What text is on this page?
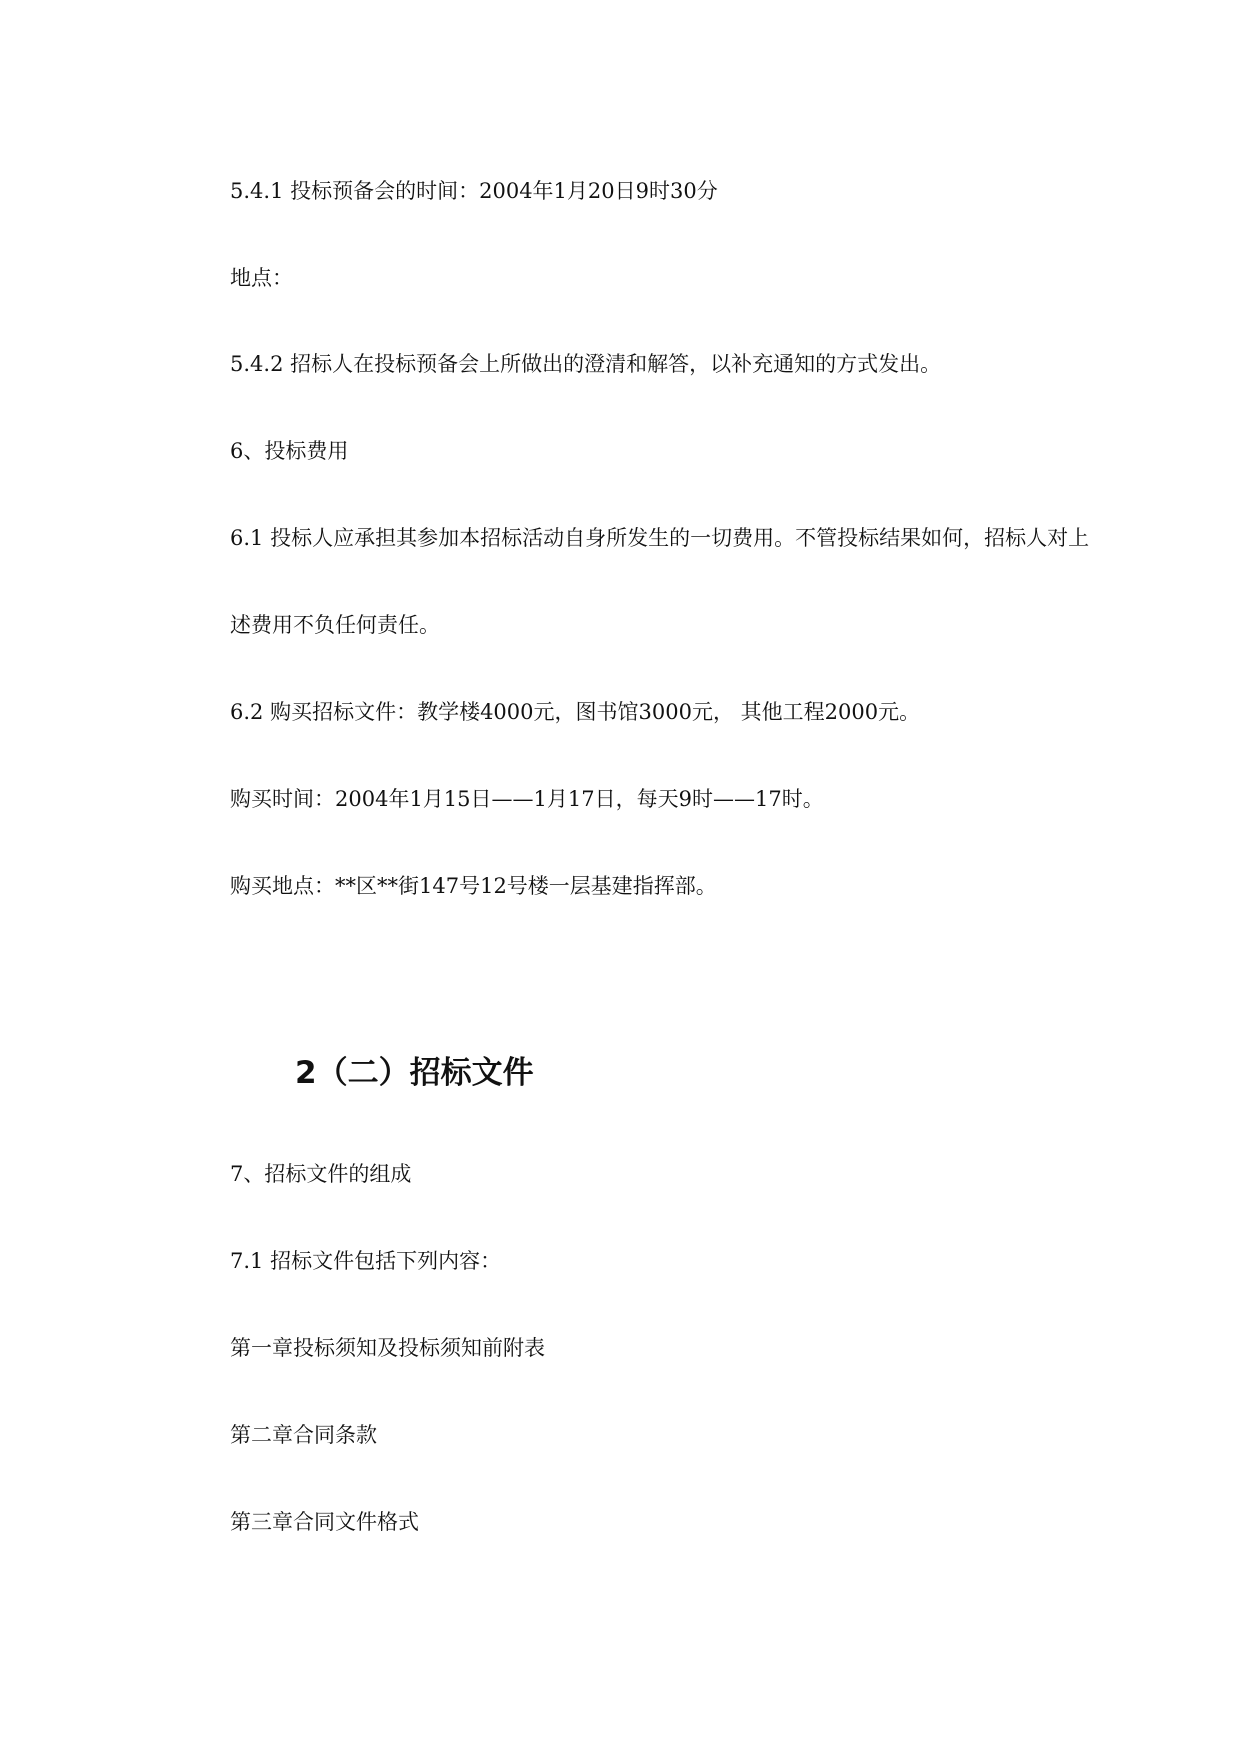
5.4.1 投标预备会的时间：2004年1月20日9时30分
地点：
5.4.2 招标人在投标预备会上所做出的澄清和解答，以补充通知的方式发出。
6、投标费用
6.1 投标人应承担其参加本招标活动自身所发生的一切费用。不管投标结果如何，招标人对上
述费用不负任何责任。
6.2 购买招标文件：教学楼4000元，图书馆3000元， 其他工程2000元。
购买时间：2004年1月15日——1月17日，每天9时——17时。
购买地点：**区**街147号12号楼一层基建指挥部。
2（二）招标文件
7、招标文件的组成
7.1 招标文件包括下列内容：
第一章投标须知及投标须知前附表
第二章合同条款
第三章合同文件格式
